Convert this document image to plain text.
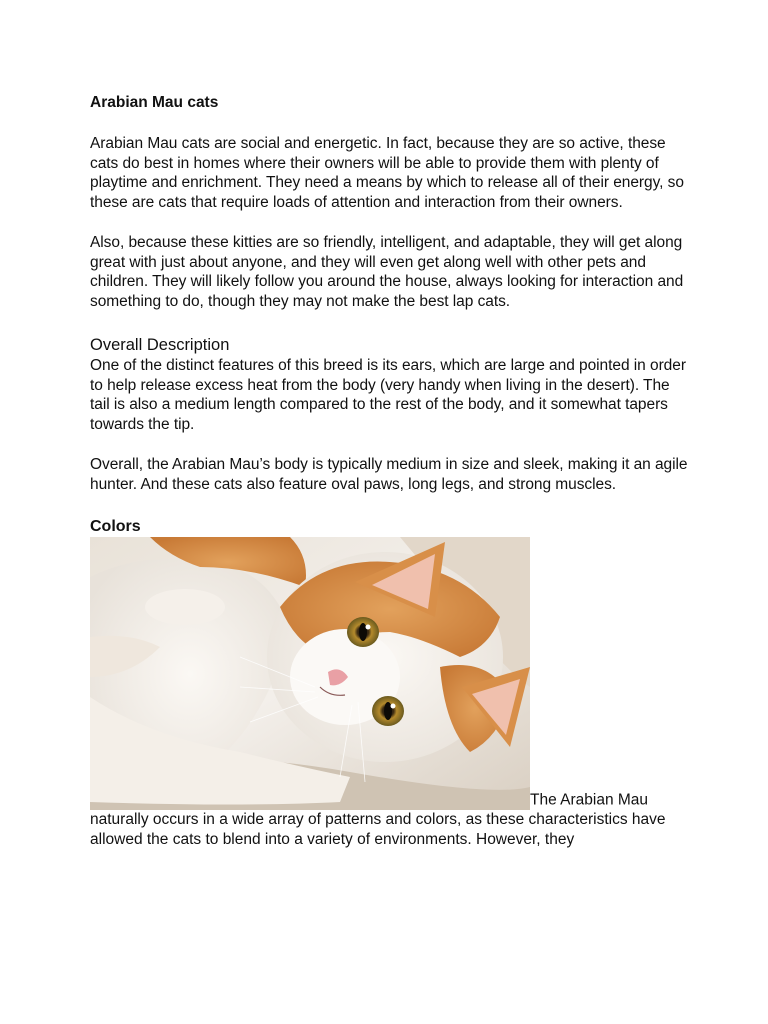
Arabian Mau cats

Arabian Mau cats are social and energetic. In fact, because they are so active, these cats do best in homes where their owners will be able to provide them with plenty of playtime and enrichment. They need a means by which to release all of their energy, so these are cats that require loads of attention and interaction from their owners.

Also, because these kitties are so friendly, intelligent, and adaptable, they will get along great with just about anyone, and they will even get along well with other pets and children. They will likely follow you around the house, always looking for interaction and something to do, though they may not make the best lap cats.

Overall Description

One of the distinct features of this breed is its ears, which are large and pointed in order to help release excess heat from the body (very handy when living in the desert). The tail is also a medium length compared to the rest of the body, and it somewhat tapers towards the tip.

Overall, the Arabian Mau’s body is typically medium in size and sleek, making it an agile hunter. And these cats also feature oval paws, long legs, and strong muscles.

Colors
The Arabian Mau naturally occurs in a wide array of patterns and colors, as these characteristics have allowed the cats to blend into a variety of environments. However, they
